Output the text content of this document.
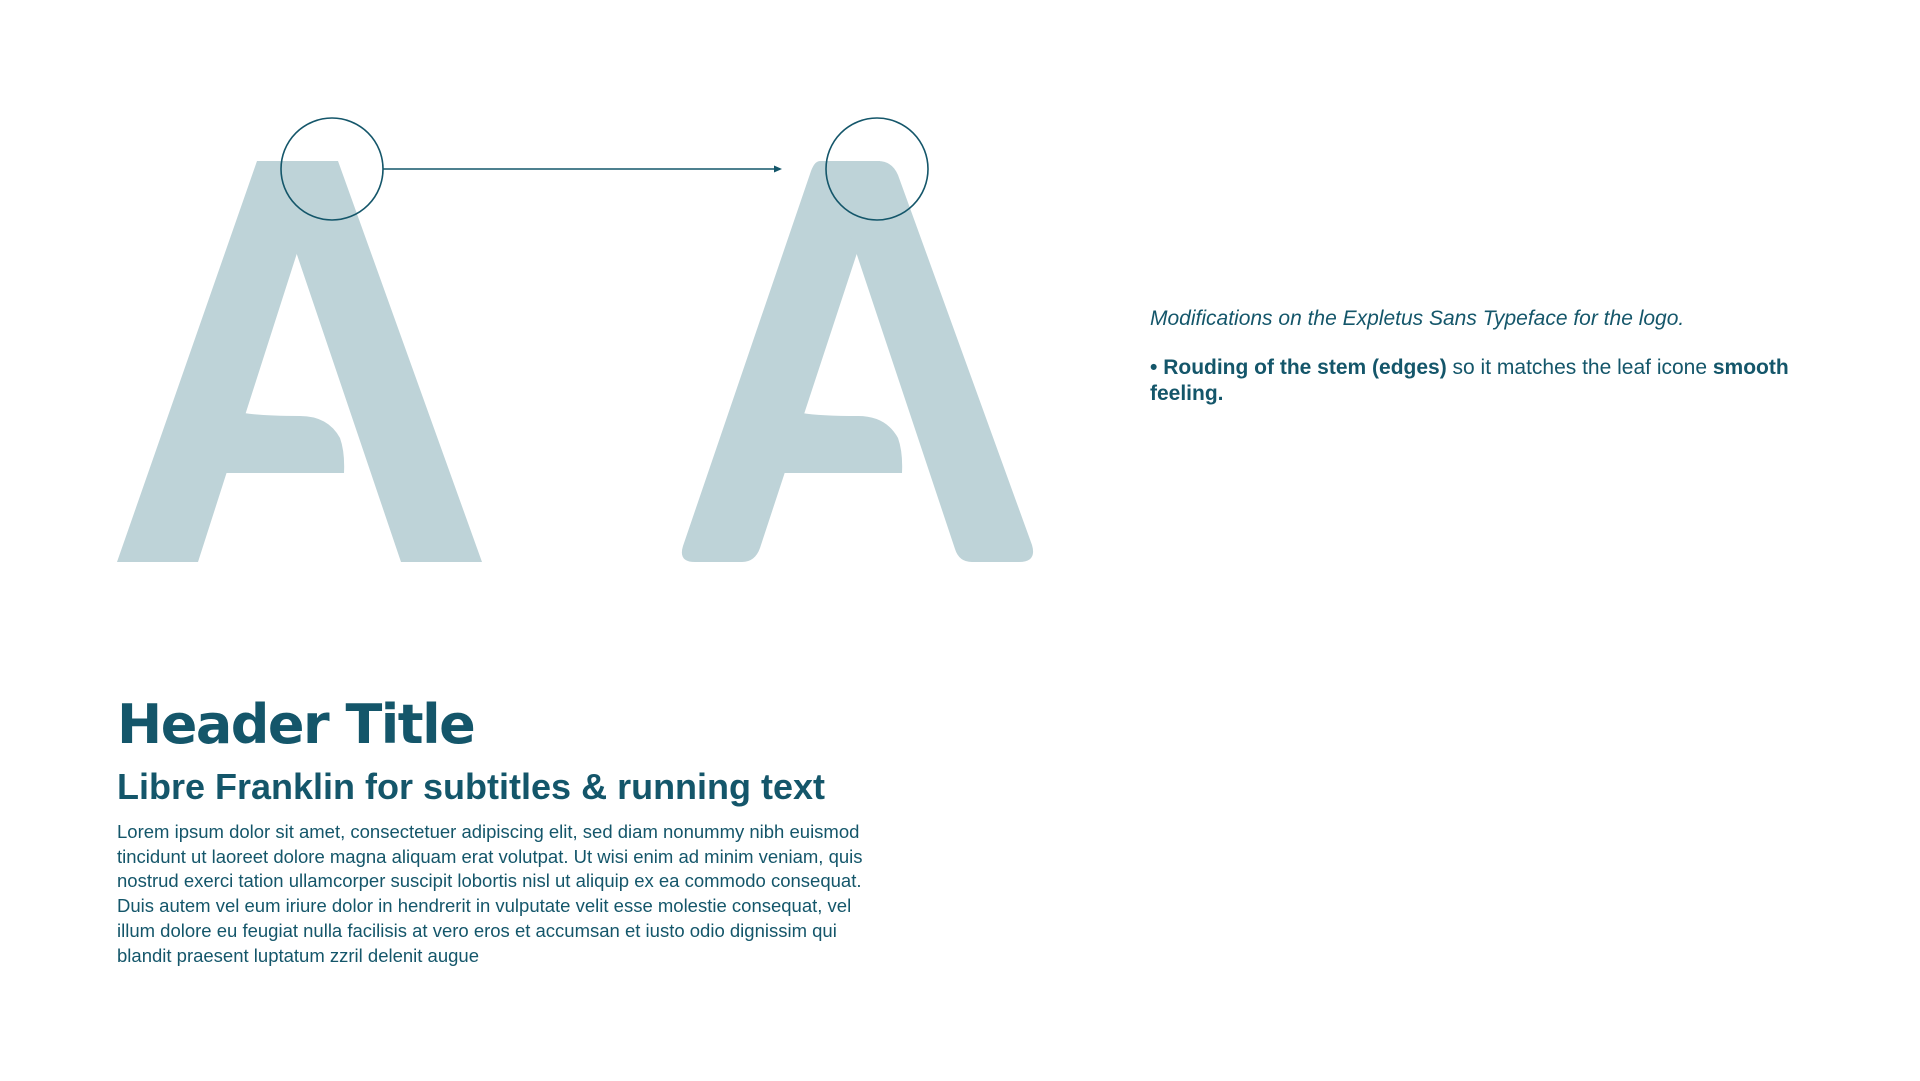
Modifications on the Expletus Sans Typeface for the logo.

• Rouding of the stem (edges) so it matches the leaf icone smooth feeling.

Header Title
Libre Franklin for subtitles & running text

Lorem ipsum dolor sit amet, consectetuer adipiscing elit, sed diam nonummy nibh euismod tincidunt ut laoreet dolore magna aliquam erat volutpat. Ut wisi enim ad minim veniam, quis nostrud exerci tation ullamcorper suscipit lobortis nisl ut aliquip ex ea commodo consequat. Duis autem vel eum iriure dolor in hendrerit in vulputate velit esse molestie consequat, vel illum dolore eu feugiat nulla facilisis at vero eros et accumsan et iusto odio dignissim qui blandit praesent luptatum zzril delenit augue
